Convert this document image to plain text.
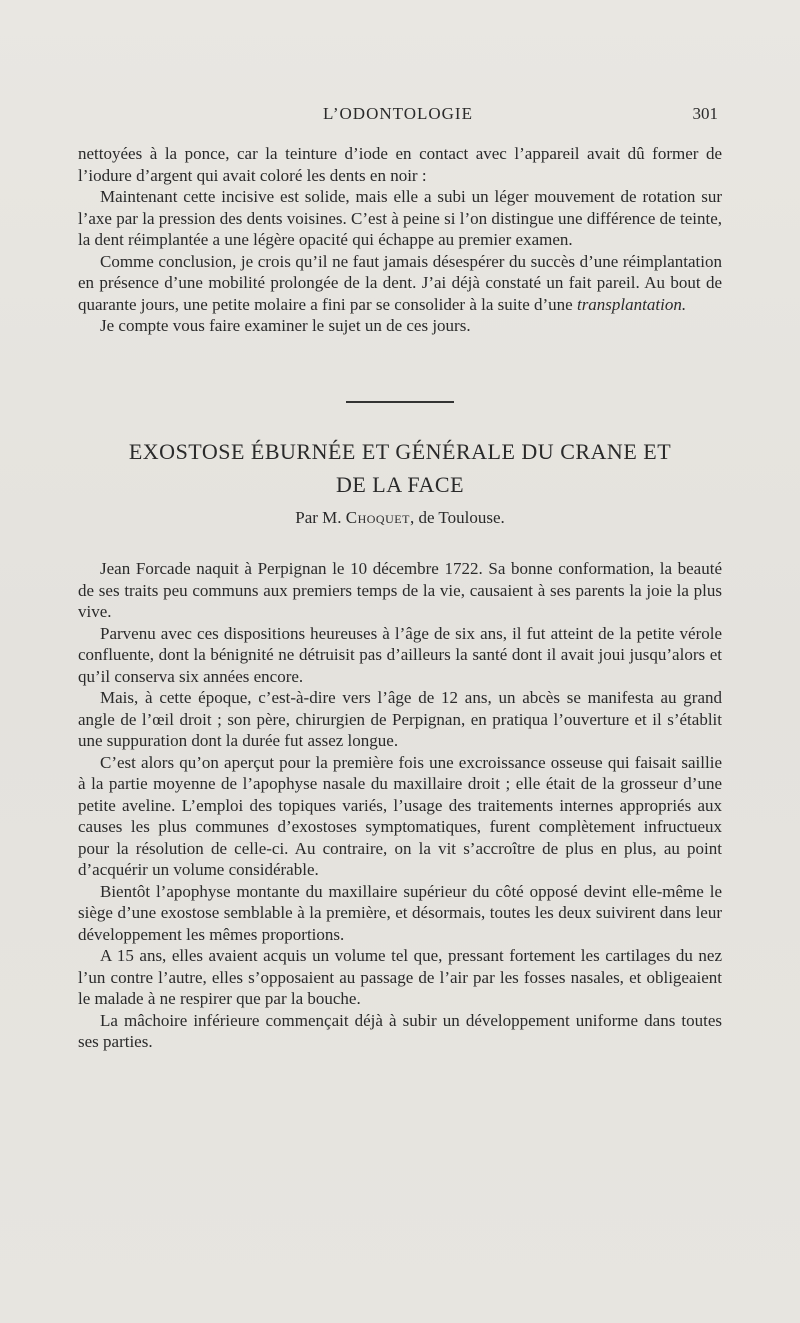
L’ODONTOLOGIE	301

nettoyées à la ponce, car la teinture d’iode en contact avec l’appareil avait dû former de l’iodure d’argent qui avait coloré les dents en noir :

Maintenant cette incisive est solide, mais elle a subi un léger mouvement de rotation sur l’axe par la pression des dents voisines. C’est à peine si l’on distingue une différence de teinte, la dent réimplantée a une légère opacité qui échappe au premier examen.

Comme conclusion, je crois qu’il ne faut jamais désespérer du succès d’une réimplantation en présence d’une mobilité prolongée de la dent. J’ai déjà constaté un fait pareil. Au bout de quarante jours, une petite molaire a fini par se consolider à la suite d’une transplantation.

Je compte vous faire examiner le sujet un de ces jours.

EXOSTOSE ÉBURNÉE ET GÉNÉRALE DU CRANE ET
DE LA FACE
Par M. Choquet, de Toulouse.

Jean Forcade naquit à Perpignan le 10 décembre 1722. Sa bonne conformation, la beauté de ses traits peu communs aux premiers temps de la vie, causaient à ses parents la joie la plus vive.

Parvenu avec ces dispositions heureuses à l’âge de six ans, il fut atteint de la petite vérole confluente, dont la bénignité ne détruisit pas d’ailleurs la santé dont il avait joui jusqu’alors et qu’il conserva six années encore.

Mais, à cette époque, c’est-à-dire vers l’âge de 12 ans, un abcès se manifesta au grand angle de l’œil droit ; son père, chirurgien de Perpignan, en pratiqua l’ouverture et il s’établit une suppuration dont la durée fut assez longue.

C’est alors qu’on aperçut pour la première fois une excroissance osseuse qui faisait saillie à la partie moyenne de l’apophyse nasale du maxillaire droit ; elle était de la grosseur d’une petite aveline. L’emploi des topiques variés, l’usage des traitements internes appropriés aux causes les plus communes d’exostoses symptomatiques, furent complètement infructueux pour la résolution de celle-ci. Au contraire, on la vit s’accroître de plus en plus, au point d’acquérir un volume considérable.

Bientôt l’apophyse montante du maxillaire supérieur du côté opposé devint elle-même le siège d’une exostose semblable à la première, et désormais, toutes les deux suivirent dans leur développement les mêmes proportions.

A 15 ans, elles avaient acquis un volume tel que, pressant fortement les cartilages du nez l’un contre l’autre, elles s’opposaient au passage de l’air par les fosses nasales, et obligeaient le malade à ne respirer que par la bouche.

La mâchoire inférieure commençait déjà à subir un développement uniforme dans toutes ses parties.
